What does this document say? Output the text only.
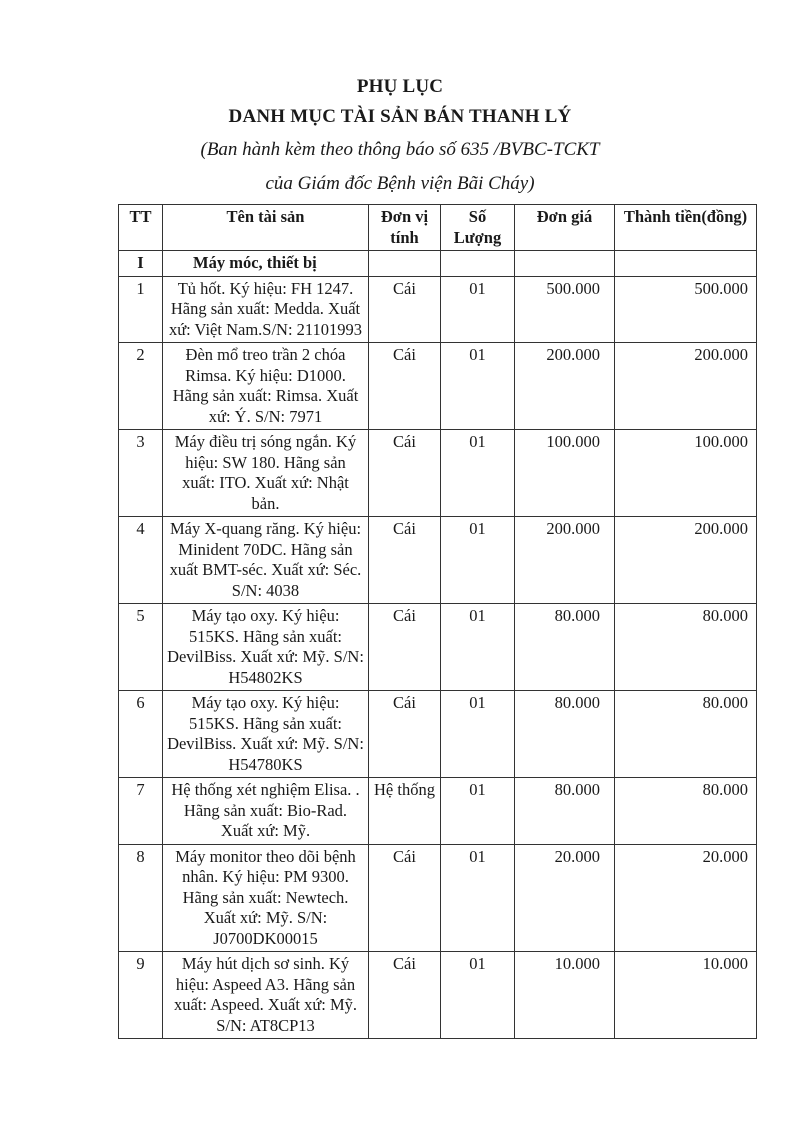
PHỤ LỤC
DANH MỤC TÀI SẢN BÁN THANH LÝ

(Ban hành kèm theo thông báo số 635 /BVBC-TCKT

của Giám đốc Bệnh viện Bãi Cháy)

TT	Tên tài sản	Đơn vị tính	Số Lượng	Đơn giá	Thành tiền(đồng)
I	Máy móc, thiết bị				
1	Tủ hốt. Ký hiệu: FH 1247. Hãng sản xuất: Medda. Xuất xứ: Việt Nam.S/N: 21101993	Cái	01	500.000	500.000
2	Đèn mổ treo trần 2 chóa Rimsa. Ký hiệu: D1000. Hãng sản xuất: Rimsa. Xuất xứ: Ý. S/N: 7971	Cái	01	200.000	200.000
3	Máy điều trị sóng ngắn. Ký hiệu: SW 180. Hãng sản xuất: ITO. Xuất xứ: Nhật bản.	Cái	01	100.000	100.000
4	Máy X-quang răng. Ký hiệu: Minident 70DC. Hãng sản xuất BMT-séc. Xuất xứ: Séc. S/N: 4038	Cái	01	200.000	200.000
5	Máy tạo oxy. Ký hiệu: 515KS. Hãng sản xuất: DevilBiss. Xuất xứ: Mỹ. S/N: H54802KS	Cái	01	80.000	80.000
6	Máy tạo oxy. Ký hiệu: 515KS. Hãng sản xuất: DevilBiss. Xuất xứ: Mỹ. S/N: H54780KS	Cái	01	80.000	80.000
7	Hệ thống xét nghiệm Elisa. . Hãng sản xuất: Bio-Rad. Xuất xứ: Mỹ.	Hệ thống	01	80.000	80.000
8	Máy monitor theo dõi bệnh nhân. Ký hiệu: PM 9300. Hãng sản xuất: Newtech. Xuất xứ: Mỹ. S/N: J0700DK00015	Cái	01	20.000	20.000
9	Máy hút dịch sơ sinh. Ký hiệu: Aspeed A3. Hãng sản xuất: Aspeed. Xuất xứ: Mỹ. S/N: AT8CP13	Cái	01	10.000	10.000
